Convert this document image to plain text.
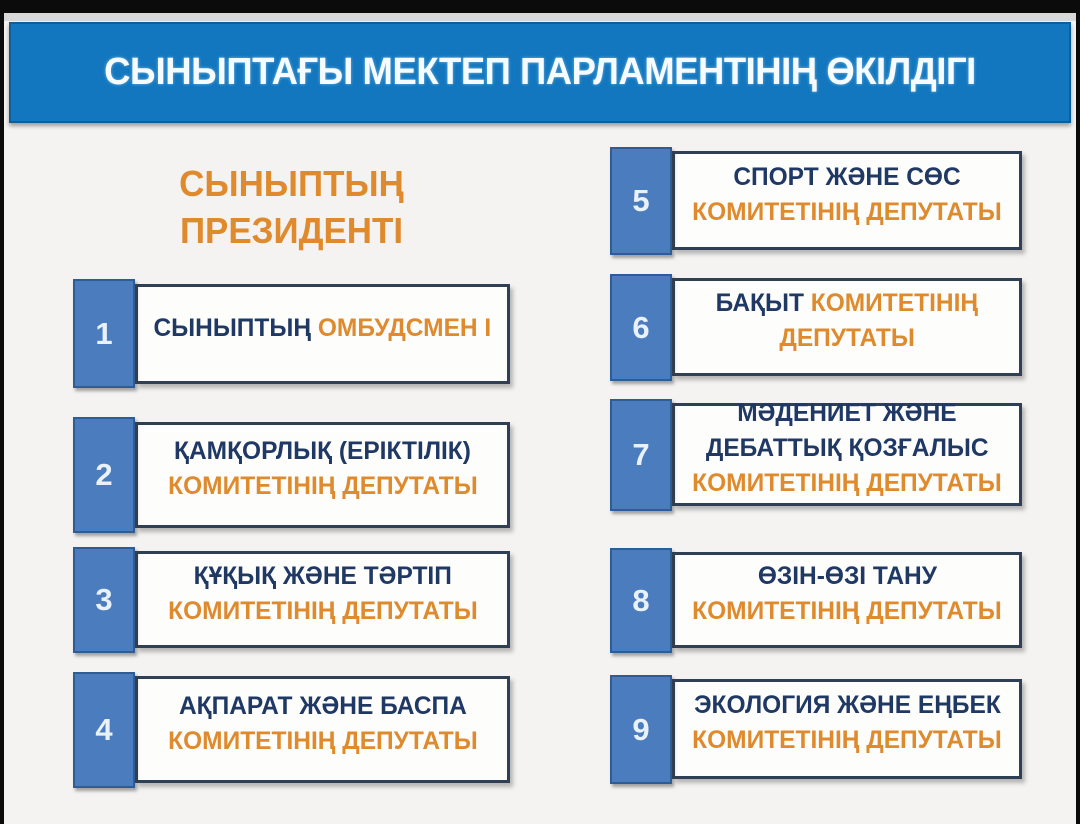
СЫНЫПТАҒЫ МЕКТЕП ПАРЛАМЕНТІНІҢ ӨКІЛДІГІ
СЫНЫПТЫҢ
ПРЕЗИДЕНТІ
1	СЫНЫПТЫҢ ОМБУДСМЕН І
2
ҚАМҚОРЛЫҚ (ЕРІКТІЛІК)
КОМИТЕТІНІҢ ДЕПУТАТЫ
3
ҚҰҚЫҚ ЖӘНЕ ТӘРТІП
КОМИТЕТІНІҢ ДЕПУТАТЫ
4
АҚПАРАТ ЖӘНЕ БАСПА
КОМИТЕТІНІҢ ДЕПУТАТЫ
5
СПОРТ ЖӘНЕ СӨС
КОМИТЕТІНІҢ ДЕПУТАТЫ
6
БАҚЫТ КОМИТЕТІНІҢ
ДЕПУТАТЫ
7
МӘДЕНИЕТ ЖӘНЕ
ДЕБАТТЫҚ ҚОЗҒАЛЫС
КОМИТЕТІНІҢ ДЕПУТАТЫ
8
ӨЗІН-ӨЗІ ТАНУ
КОМИТЕТІНІҢ ДЕПУТАТЫ
9
ЭКОЛОГИЯ ЖӘНЕ ЕҢБЕК
КОМИТЕТІНІҢ ДЕПУТАТЫ
